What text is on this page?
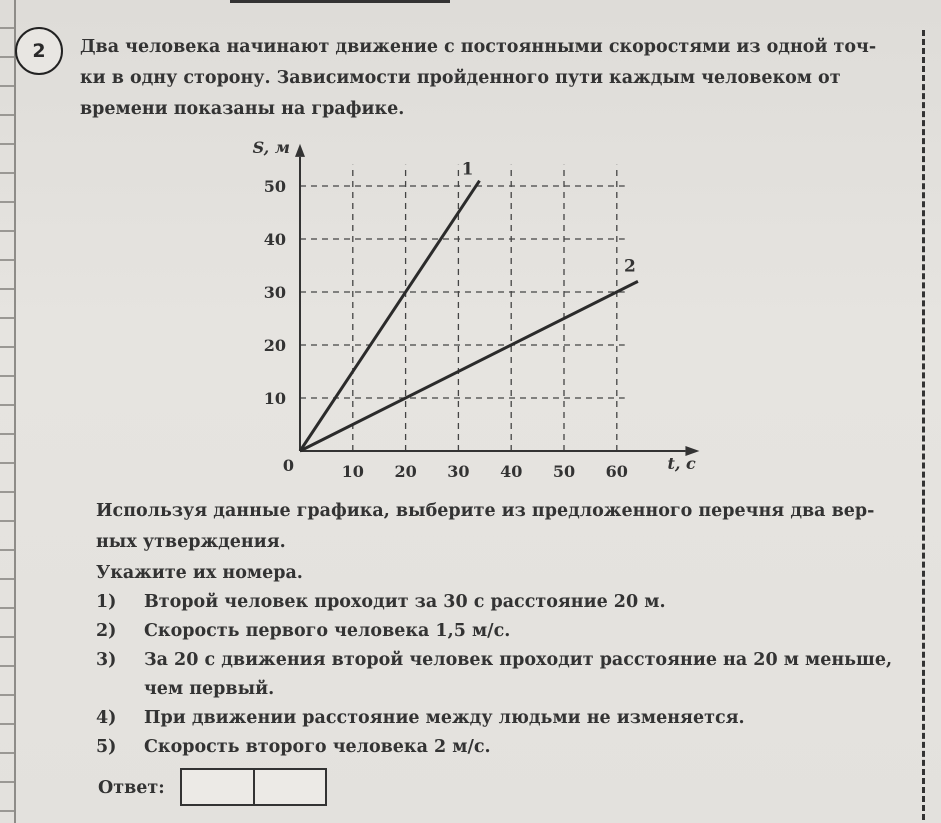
2	Два человека начинают движение с постоянными скоростями из одной точ-
ки в одну сторону. Зависимости пройденного пути каждым человеком от
времени показаны на графике.
10 20 30 40 50 60
10
20
30
40
50
0
S, м
t, с
1
2
Используя данные графика, выберите из предложенного перечня два вер-
ных утверждения.
Укажите их номера.
1) Второй человек проходит за 30 с расстояние 20 м.
2) Скорость первого человека 1,5 м/с.
3) За 20 с движения второй человек проходит расстояние на 20 м меньше,
чем первый.
4) При движении расстояние между людьми не изменяется.
5) Скорость второго человека 2 м/с.
Ответ:
